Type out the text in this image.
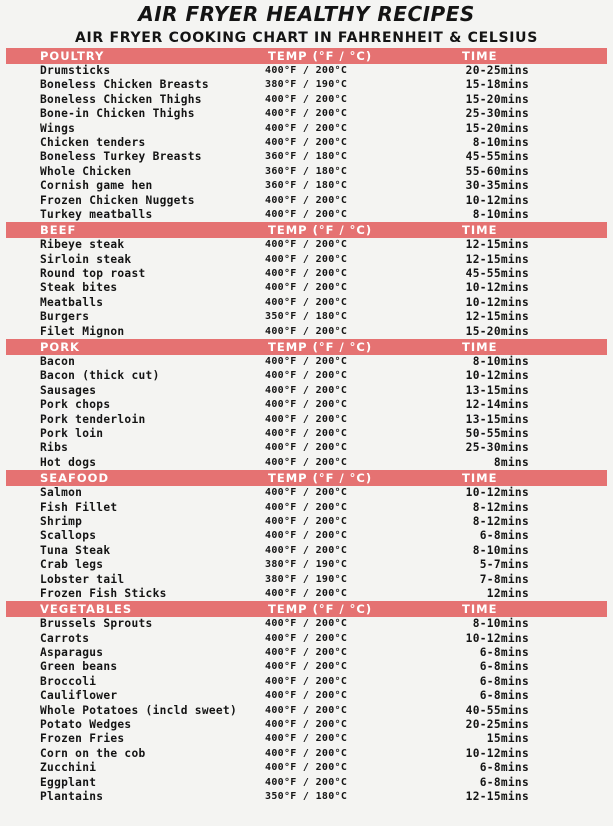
AIR FRYER HEALTHY RECIPES
AIR FRYER COOKING CHART IN FAHRENHEIT & CELSIUS
POULTRY	TEMP (°F / °C)	TIME
Drumsticks	400°F / 200°C	20-25mins
Boneless Chicken Breasts	380°F / 190°C	15-18mins
Boneless Chicken Thighs	400°F / 200°C	15-20mins
Bone-in Chicken Thighs	400°F / 200°C	25-30mins
Wings	400°F / 200°C	15-20mins
Chicken tenders	400°F / 200°C	8-10mins
Boneless Turkey Breasts	360°F / 180°C	45-55mins
Whole Chicken	360°F / 180°C	55-60mins
Cornish game hen	360°F / 180°C	30-35mins
Frozen Chicken Nuggets	400°F / 200°C	10-12mins
Turkey meatballs	400°F / 200°C	8-10mins
BEEF	TEMP (°F / °C)	TIME
Ribeye steak	400°F / 200°C	12-15mins
Sirloin steak	400°F / 200°C	12-15mins
Round top roast	400°F / 200°C	45-55mins
Steak bites	400°F / 200°C	10-12mins
Meatballs	400°F / 200°C	10-12mins
Burgers	350°F / 180°C	12-15mins
Filet Mignon	400°F / 200°C	15-20mins
PORK	TEMP (°F / °C)	TIME
Bacon	400°F / 200°C	8-10mins
Bacon (thick cut)	400°F / 200°C	10-12mins
Sausages	400°F / 200°C	13-15mins
Pork chops	400°F / 200°C	12-14mins
Pork tenderloin	400°F / 200°C	13-15mins
Pork loin	400°F / 200°C	50-55mins
Ribs	400°F / 200°C	25-30mins
Hot dogs	400°F / 200°C	8mins
SEAFOOD	TEMP (°F / °C)	TIME
Salmon	400°F / 200°C	10-12mins
Fish Fillet	400°F / 200°C	8-12mins
Shrimp	400°F / 200°C	8-12mins
Scallops	400°F / 200°C	6-8mins
Tuna Steak	400°F / 200°C	8-10mins
Crab legs	380°F / 190°C	5-7mins
Lobster tail	380°F / 190°C	7-8mins
Frozen Fish Sticks	400°F / 200°C	12mins
VEGETABLES	TEMP (°F / °C)	TIME
Brussels Sprouts	400°F / 200°C	8-10mins
Carrots	400°F / 200°C	10-12mins
Asparagus	400°F / 200°C	6-8mins
Green beans	400°F / 200°C	6-8mins
Broccoli	400°F / 200°C	6-8mins
Cauliflower	400°F / 200°C	6-8mins
Whole Potatoes (incld sweet)	400°F / 200°C	40-55mins
Potato Wedges	400°F / 200°C	20-25mins
Frozen Fries	400°F / 200°C	15mins
Corn on the cob	400°F / 200°C	10-12mins
Zucchini	400°F / 200°C	6-8mins
Eggplant	400°F / 200°C	6-8mins
Plantains	350°F / 180°C	12-15mins
